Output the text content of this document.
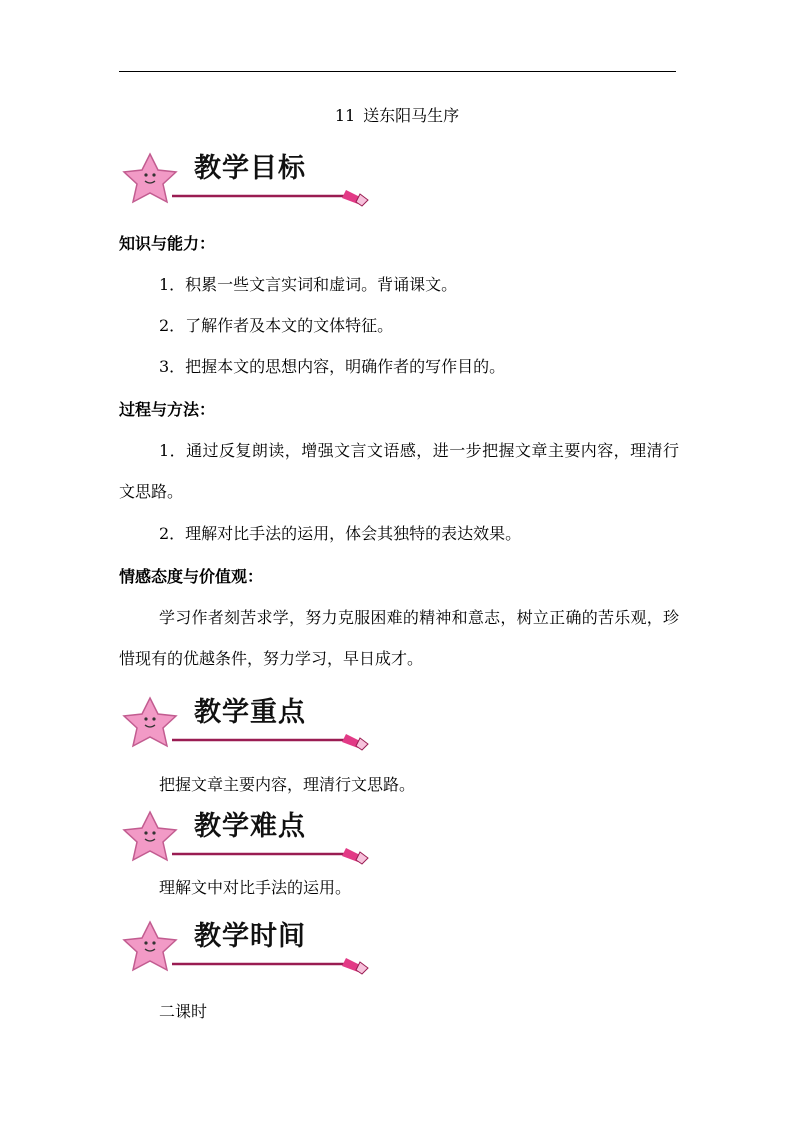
11 送东阳马生序
教学目标
知识与能力：
1．积累一些文言实词和虚词。背诵课文。
2．了解作者及本文的文体特征。
3．把握本文的思想内容，明确作者的写作目的。
过程与方法：
1．通过反复朗读，增强文言文语感，进一步把握文章主要内容，理清行文思路。
2．理解对比手法的运用，体会其独特的表达效果。
情感态度与价值观：
学习作者刻苦求学，努力克服困难的精神和意志，树立正确的苦乐观，珍惜现有的优越条件，努力学习，早日成才。
教学重点
把握文章主要内容，理清行文思路。
教学难点
理解文中对比手法的运用。
教学时间
二课时
